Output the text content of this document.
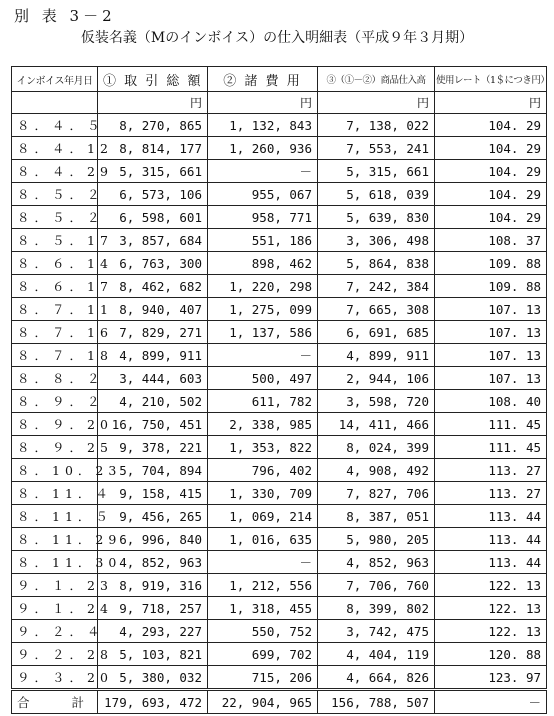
別 表 3－2
仮装名義（Mのインボイス）の仕入明細表（平成９年３月期）
インボイス年月日	① 取 引 総 額	② 諸 費 用	③（①－②）商品仕入高	使用レート（1＄につき円）
	円	円	円	円
８．４．５	8, 270, 865	1, 132, 843	7, 138, 022	104. 29
８．４．12	8, 814, 177	1, 260, 936	7, 553, 241	104. 29
８．４．29	5, 315, 661	－	5, 315, 661	104. 29
８．５．２	6, 573, 106	955, 067	5, 618, 039	104. 29
８．５．２	6, 598, 601	958, 771	5, 639, 830	104. 29
８．５．17	3, 857, 684	551, 186	3, 306, 498	108. 37
８．６．14	6, 763, 300	898, 462	5, 864, 838	109. 88
８．６．17	8, 462, 682	1, 220, 298	7, 242, 384	109. 88
８．７．11	8, 940, 407	1, 275, 099	7, 665, 308	107. 13
８．７．16	7, 829, 271	1, 137, 586	6, 691, 685	107. 13
８．７．18	4, 899, 911	－	4, 899, 911	107. 13
８．８．２	3, 444, 603	500, 497	2, 944, 106	107. 13
８．９．２	4, 210, 502	611, 782	3, 598, 720	108. 40
８．９．20	16, 750, 451	2, 338, 985	14, 411, 466	111. 45
８．９．25	9, 378, 221	1, 353, 822	8, 024, 399	111. 45
８．10．23	5, 704, 894	796, 402	4, 908, 492	113. 27
８．11．４	9, 158, 415	1, 330, 709	7, 827, 706	113. 27
８．11．５	9, 456, 265	1, 069, 214	8, 387, 051	113. 44
８．11．29	6, 996, 840	1, 016, 635	5, 980, 205	113. 44
８．11．30	4, 852, 963	－	4, 852, 963	113. 44
９．１．23	8, 919, 316	1, 212, 556	7, 706, 760	122. 13
９．１．24	9, 718, 257	1, 318, 455	8, 399, 802	122. 13
９．２．４	4, 293, 227	550, 752	3, 742, 475	122. 13
９．２．28	5, 103, 821	699, 702	4, 404, 119	120. 88
９．３．20	5, 380, 032	715, 206	4, 664, 826	123. 97
合 計	179, 693, 472	22, 904, 965	156, 788, 507	－
